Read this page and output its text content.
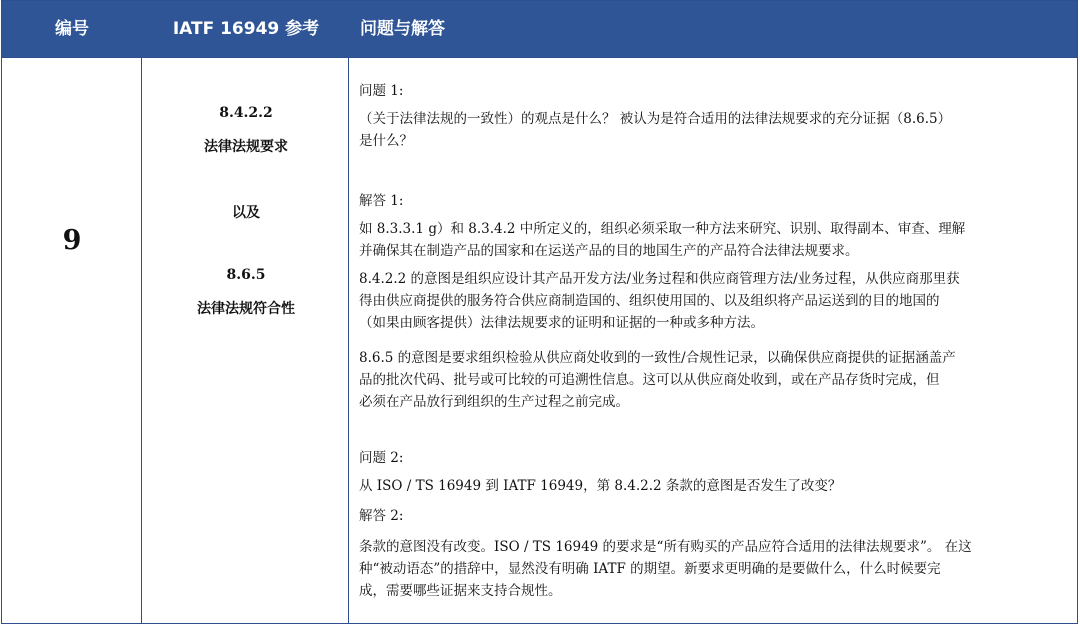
编号	IATF 16949 参考	问题与解答
9
8.4.2.2
法律法规要求
以及
8.6.5
法律法规符合性
问题 1:
（关于法律法规的一致性）的观点是什么？ 被认为是符合适用的法律法规要求的充分证据（8.6.5）
是什么？
解答 1:
如 8.3.3.1 g）和 8.3.4.2 中所定义的，组织必须采取一种方法来研究、识别、取得副本、审查、理解
并确保其在制造产品的国家和在运送产品的目的地国生产的产品符合法律法规要求。
8.4.2.2 的意图是组织应设计其产品开发方法/业务过程和供应商管理方法/业务过程，从供应商那里获
得由供应商提供的服务符合供应商制造国的、组织使用国的、以及组织将产品运送到的目的地国的
（如果由顾客提供）法律法规要求的证明和证据的一种或多种方法。
8.6.5 的意图是要求组织检验从供应商处收到的一致性/合规性记录，以确保供应商提供的证据涵盖产
品的批次代码、批号或可比较的可追溯性信息。这可以从供应商处收到，或在产品存货时完成，但
必须在产品放行到组织的生产过程之前完成。
问题 2:
从 ISO / TS 16949 到 IATF 16949，第 8.4.2.2 条款的意图是否发生了改变？
解答 2:
条款的意图没有改变。ISO / TS 16949 的要求是“所有购买的产品应符合适用的法律法规要求”。 在这
种“被动语态”的措辞中，显然没有明确 IATF 的期望。新要求更明确的是要做什么，什么时候要完
成，需要哪些证据来支持合规性。
